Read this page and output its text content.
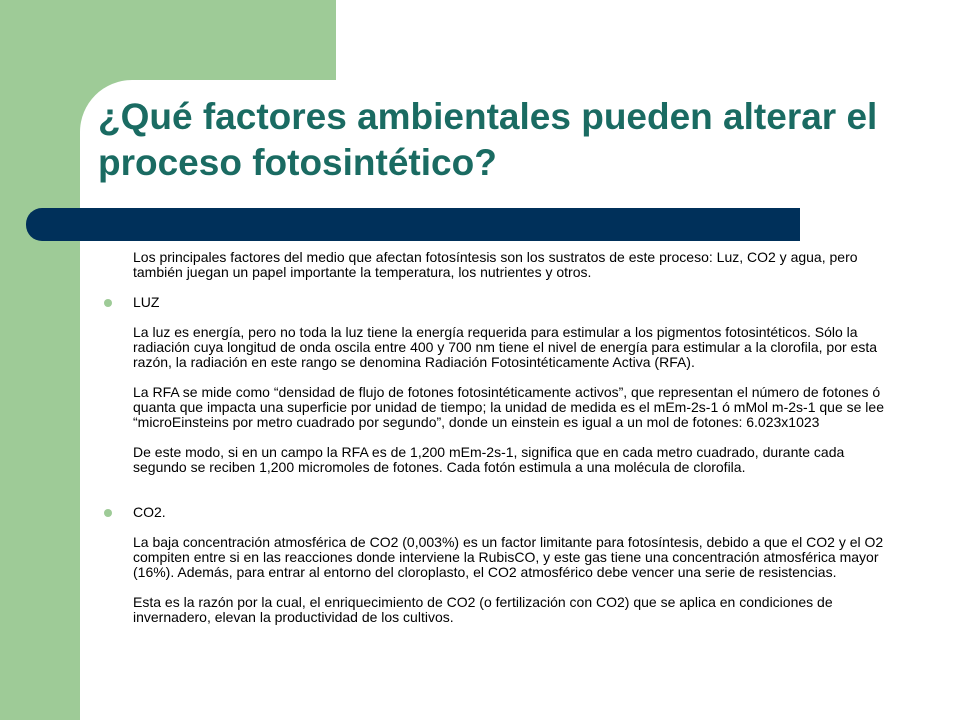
¿Qué factores ambientales pueden alterar el proceso fotosintético?

Los principales factores del medio que afectan fotosíntesis son los sustratos de este proceso: Luz, CO2 y agua, pero también juegan un papel importante la temperatura, los nutrientes y otros.

LUZ

La luz es energía, pero no toda la luz tiene la energía requerida para estimular a los pigmentos fotosintéticos. Sólo la radiación cuya longitud de onda oscila entre 400 y 700 nm tiene el nivel de energía para estimular a la clorofila, por esta razón, la radiación en este rango se denomina Radiación Fotosintéticamente Activa (RFA).

La RFA se mide como “densidad de flujo de fotones fotosintéticamente activos”, que representan el número de fotones ó quanta que impacta una superficie por unidad de tiempo; la unidad de medida es el mEm-2s-1 ó mMol m-2s-1 que se lee “microEinsteins por metro cuadrado por segundo”, donde un einstein es igual a un mol de fotones: 6.023x1023

De este modo, si en un campo la RFA es de 1,200 mEm-2s-1, significa que en cada metro cuadrado, durante cada segundo se reciben 1,200 micromoles de fotones. Cada fotón estimula a una molécula de clorofila.

CO2.

La baja concentración atmosférica de CO2 (0,003%) es un factor limitante para fotosíntesis, debido a que el CO2 y el O2 compiten entre si en las reacciones donde interviene la RubisCO, y este gas tiene una concentración atmosférica mayor (16%). Además, para entrar al entorno del cloroplasto, el CO2 atmosférico debe vencer una serie de resistencias.

Esta es la razón por la cual, el enriquecimiento de CO2 (o fertilización con CO2) que se aplica en condiciones de invernadero, elevan la productividad de los cultivos.
